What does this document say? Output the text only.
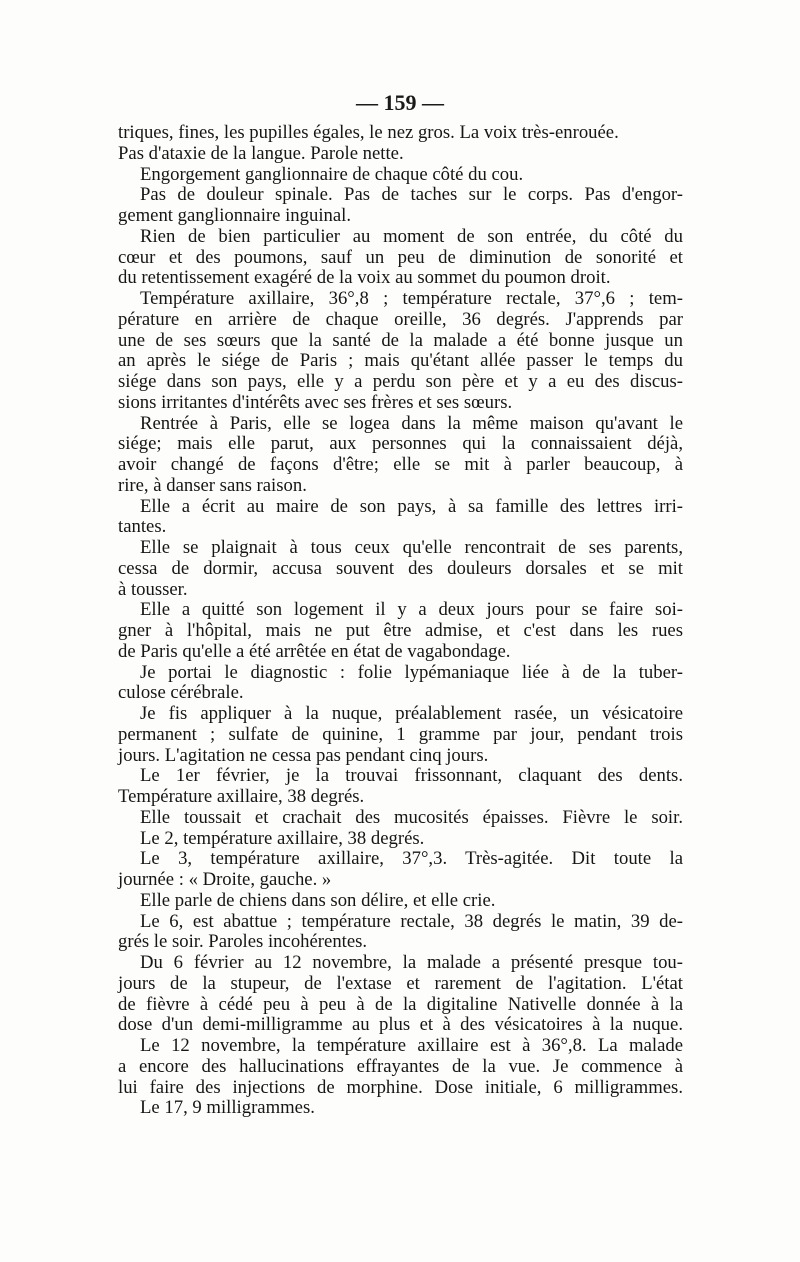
— 159 —
triques, fines, les pupilles égales, le nez gros. La voix très-enrouée.
Pas d'ataxie de la langue. Parole nette.
Engorgement ganglionnaire de chaque côté du cou.
Pas de douleur spinale. Pas de taches sur le corps. Pas d'engor-
gement ganglionnaire inguinal.
Rien de bien particulier au moment de son entrée, du côté du
cœur et des poumons, sauf un peu de diminution de sonorité et
du retentissement exagéré de la voix au sommet du poumon droit.
Température axillaire, 36°,8 ; température rectale, 37°,6 ; tem-
pérature en arrière de chaque oreille, 36 degrés. J'apprends par
une de ses sœurs que la santé de la malade a été bonne jusque un
an après le siége de Paris ; mais qu'étant allée passer le temps du
siége dans son pays, elle y a perdu son père et y a eu des discus-
sions irritantes d'intérêts avec ses frères et ses sœurs.
Rentrée à Paris, elle se logea dans la même maison qu'avant le
siége; mais elle parut, aux personnes qui la connaissaient déjà,
avoir changé de façons d'être; elle se mit à parler beaucoup, à
rire, à danser sans raison.
Elle a écrit au maire de son pays, à sa famille des lettres irri-
tantes.
Elle se plaignait à tous ceux qu'elle rencontrait de ses parents,
cessa de dormir, accusa souvent des douleurs dorsales et se mit
à tousser.
Elle a quitté son logement il y a deux jours pour se faire soi-
gner à l'hôpital, mais ne put être admise, et c'est dans les rues
de Paris qu'elle a été arrêtée en état de vagabondage.
Je portai le diagnostic : folie lypémaniaque liée à de la tuber-
culose cérébrale.
Je fis appliquer à la nuque, préalablement rasée, un vésicatoire
permanent ; sulfate de quinine, 1 gramme par jour, pendant trois
jours. L'agitation ne cessa pas pendant cinq jours.
Le 1er février, je la trouvai frissonnant, claquant des dents.
Température axillaire, 38 degrés.
Elle toussait et crachait des mucosités épaisses. Fièvre le soir.
Le 2, température axillaire, 38 degrés.
Le 3, température axillaire, 37°,3. Très-agitée. Dit toute la
journée : « Droite, gauche. »
Elle parle de chiens dans son délire, et elle crie.
Le 6, est abattue ; température rectale, 38 degrés le matin, 39 de-
grés le soir. Paroles incohérentes.
Du 6 février au 12 novembre, la malade a présenté presque tou-
jours de la stupeur, de l'extase et rarement de l'agitation. L'état
de fièvre à cédé peu à peu à de la digitaline Nativelle donnée à la
dose d'un demi-milligramme au plus et à des vésicatoires à la nuque.
Le 12 novembre, la température axillaire est à 36°,8. La malade
a encore des hallucinations effrayantes de la vue. Je commence à
lui faire des injections de morphine. Dose initiale, 6 milligrammes.
Le 17, 9 milligrammes.
